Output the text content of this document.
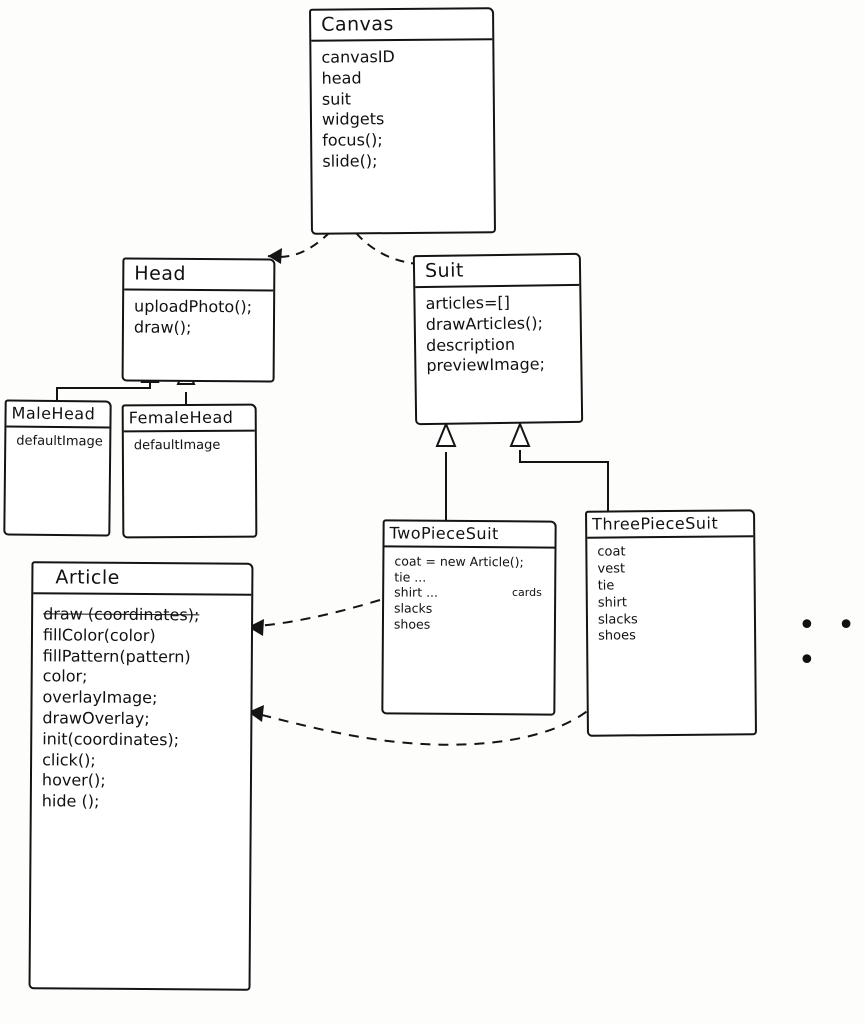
Canvas
canvasID
head
suit
widgets
focus();
slide();
Head
uploadPhoto();
draw();
Suit
articles=[]
drawArticles();
description
previewImage;
MaleHead
defaultImage
FemaleHead
defaultImage
TwoPieceSuit
coat = new Article();
tie ...
shirt ...
slacks
shoes
cards
ThreePieceSuit
coat
vest
tie
shirt
slacks
shoes
Article
draw (coordinates);
fillColor(color)
fillPattern(pattern)
color;
overlayImage;
drawOverlay;
init(coordinates);
click();
hover();
hide ();
• • •
